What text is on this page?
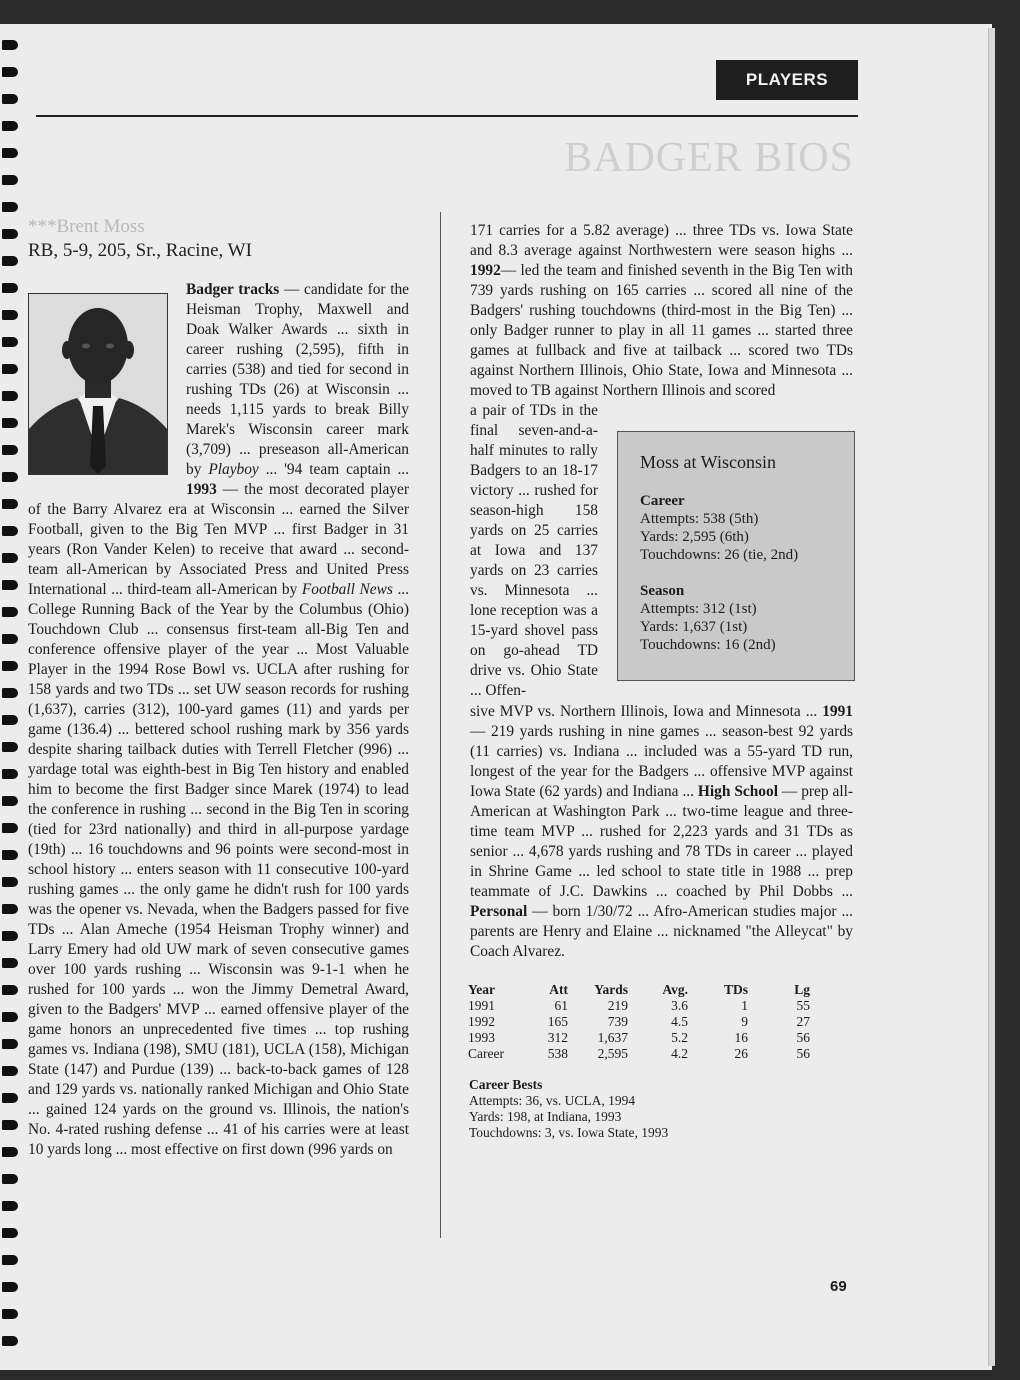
PLAYERS
BADGER BIOS
***Brent Moss
RB, 5-9, 205, Sr., Racine, WI
Badger tracks — candidate for the Heisman Trophy, Maxwell and Doak Walker Awards ... sixth in career rushing (2,595), fifth in carries (538) and tied for second in rushing TDs (26) at Wisconsin ... needs 1,115 yards to break Billy Marek's Wisconsin career mark (3,709) ... preseason all-American by Playboy ... '94 team captain ... 1993 — the most decorated player of the Barry Alvarez era at Wisconsin ... earned the Silver Football, given to the Big Ten MVP ... first Badger in 31 years (Ron Vander Kelen) to receive that award ... second-team all-American by Associated Press and United Press International ... third-team all-American by Football News ... College Running Back of the Year by the Columbus (Ohio) Touchdown Club ... consensus first-team all-Big Ten and conference offensive player of the year ... Most Valuable Player in the 1994 Rose Bowl vs. UCLA after rushing for 158 yards and two TDs ... set UW season records for rushing (1,637), carries (312), 100-yard games (11) and yards per game (136.4) ... bettered school rushing mark by 356 yards despite sharing tailback duties with Terrell Fletcher (996) ... yardage total was eighth-best in Big Ten history and enabled him to become the first Badger since Marek (1974) to lead the conference in rushing ... second in the Big Ten in scoring (tied for 23rd nationally) and third in all-purpose yardage (19th) ... 16 touchdowns and 96 points were second-most in school history ... enters season with 11 consecutive 100-yard rushing games ... the only game he didn't rush for 100 yards was the opener vs. Nevada, when the Badgers passed for five TDs ... Alan Ameche (1954 Heisman Trophy winner) and Larry Emery had old UW mark of seven consecutive games over 100 yards rushing ... Wisconsin was 9-1-1 when he rushed for 100 yards ... won the Jimmy Demetral Award, given to the Badgers' MVP ... earned offensive player of the game honors an unprecedented five times ... top rushing games vs. Indiana (198), SMU (181), UCLA (158), Michigan State (147) and Purdue (139) ... back-to-back games of 128 and 129 yards vs. nationally ranked Michigan and Ohio State ... gained 124 yards on the ground vs. Illinois, the nation's No. 4-rated rushing defense ... 41 of his carries were at least 10 yards long ... most effective on first down (996 yards on
171 carries for a 5.82 average) ... three TDs vs. Iowa State and 8.3 average against Northwestern were season highs ... 1992— led the team and finished seventh in the Big Ten with 739 yards rushing on 165 carries ... scored all nine of the Badgers' rushing touchdowns (third-most in the Big Ten) ... only Badger runner to play in all 11 games ... started three games at fullback and five at tailback ... scored two TDs against Northern Illinois, Ohio State, Iowa and Minnesota ... moved to TB against Northern Illinois and scored
a pair of TDs in the final seven-and-a-half minutes to rally Badgers to an 18-17 victory ... rushed for season-high 158 yards on 25 carries at Iowa and 137 yards on 23 carries vs. Minnesota ... lone reception was a 15-yard shovel pass on go-ahead TD drive vs. Ohio State ... Offen-
Moss at Wisconsin
Career
Attempts: 538 (5th)
Yards: 2,595 (6th)
Touchdowns: 26 (tie, 2nd)
Season
Attempts: 312 (1st)
Yards: 1,637 (1st)
Touchdowns: 16 (2nd)
sive MVP vs. Northern Illinois, Iowa and Minnesota ... 1991 — 219 yards rushing in nine games ... season-best 92 yards (11 carries) vs. Indiana ... included was a 55-yard TD run, longest of the year for the Badgers ... offensive MVP against Iowa State (62 yards) and Indiana ... High School — prep all-American at Washington Park ... two-time league and three-time team MVP ... rushed for 2,223 yards and 31 TDs as senior ... 4,678 yards rushing and 78 TDs in career ... played in Shrine Game ... led school to state title in 1988 ... prep teammate of J.C. Dawkins ... coached by Phil Dobbs ... Personal — born 1/30/72 ... Afro-American studies major ... parents are Henry and Elaine ... nicknamed "the Alleycat" by Coach Alvarez.
Year	Att	Yards	Avg.	TDs	Lg
1991	61	219	3.6	1	55
1992	165	739	4.5	9	27
1993	312	1,637	5.2	16	56
Career	538	2,595	4.2	26	56
Career Bests
Attempts: 36, vs. UCLA, 1994
Yards: 198, at Indiana, 1993
Touchdowns: 3, vs. Iowa State, 1993
69
